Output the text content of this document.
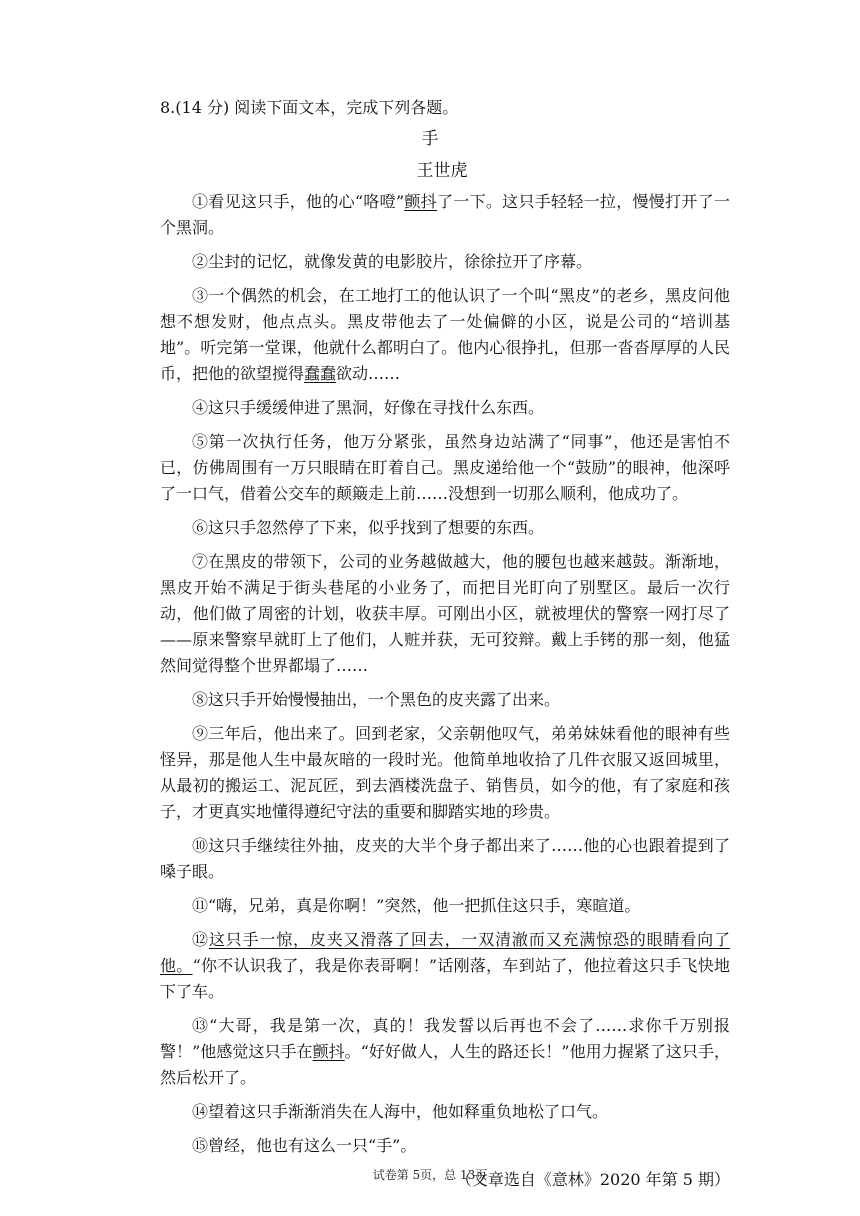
8.(14 分) 阅读下面文本，完成下列各题。
手
王世虎

①看见这只手，他的心“咯噔”颤抖了一下。这只手轻轻一拉，慢慢打开了一个黑洞。

②尘封的记忆，就像发黄的电影胶片，徐徐拉开了序幕。

③一个偶然的机会，在工地打工的他认识了一个叫“黑皮”的老乡，黑皮问他想不想发财，他点点头。黑皮带他去了一处偏僻的小区，说是公司的“培训基地”。听完第一堂课，他就什么都明白了。他内心很挣扎，但那一沓沓厚厚的人民币，把他的欲望搅得蠢蠢欲动……

④这只手缓缓伸进了黑洞，好像在寻找什么东西。

⑤第一次执行任务，他万分紧张，虽然身边站满了“同事”，他还是害怕不已，仿佛周围有一万只眼睛在盯着自己。黑皮递给他一个“鼓励”的眼神，他深呼了一口气，借着公交车的颠簸走上前……没想到一切那么顺利，他成功了。

⑥这只手忽然停了下来，似乎找到了想要的东西。

⑦在黑皮的带领下，公司的业务越做越大，他的腰包也越来越鼓。渐渐地，黑皮开始不满足于街头巷尾的小业务了，而把目光盯向了别墅区。最后一次行动，他们做了周密的计划，收获丰厚。可刚出小区，就被埋伏的警察一网打尽了——原来警察早就盯上了他们，人赃并获，无可狡辩。戴上手铐的那一刻，他猛然间觉得整个世界都塌了……

⑧这只手开始慢慢抽出，一个黑色的皮夹露了出来。

⑨三年后，他出来了。回到老家，父亲朝他叹气，弟弟妹妹看他的眼神有些怪异，那是他人生中最灰暗的一段时光。他简单地收拾了几件衣服又返回城里，从最初的搬运工、泥瓦匠，到去酒楼洗盘子、销售员，如今的他，有了家庭和孩子，才更真实地懂得遵纪守法的重要和脚踏实地的珍贵。

⑩这只手继续往外抽，皮夹的大半个身子都出来了……他的心也跟着提到了嗓子眼。

⑪“嗨，兄弟，真是你啊！”突然，他一把抓住这只手，寒暄道。

⑫这只手一惊，皮夹又滑落了回去，一双清澈而又充满惊恐的眼睛看向了他。“你不认识我了，我是你表哥啊！”话刚落，车到站了，他拉着这只手飞快地下了车。

⑬“大哥，我是第一次，真的！我发誓以后再也不会了……求你千万别报警！”他感觉这只手在颤抖。“好好做人，人生的路还长！”他用力握紧了这只手，然后松开了。

⑭望着这只手渐渐消失在人海中，他如释重负地松了口气。

⑮曾经，他也有这么一只“手”。

（文章选自《意林》2020 年第 5 期）
试卷第 5页，总 13页
